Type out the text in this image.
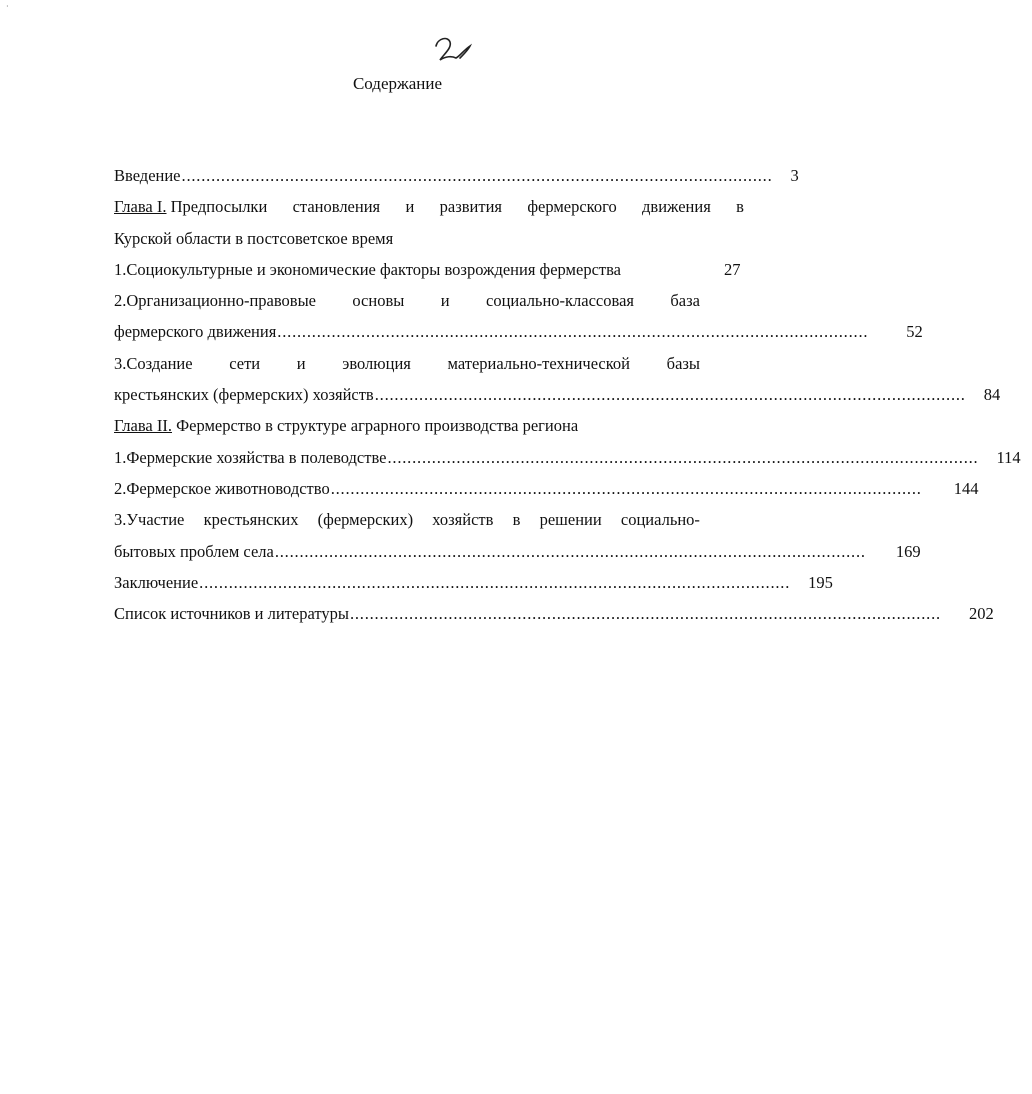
·
Содержание
Введение ........................................................................................................................ 3
Глава I. Предпосылки становления и развития фермерского движения в
Курской области в постсоветское время
1.Социокультурные и экономические факторы возрождения фермерства	27
2.Организационно-правовые основы и социально-классовая база
фермерского движения ........................................................................................................................ 52
3.Создание сети и эволюция материально-технической базы
крестьянских (фермерских) хозяйств ........................................................................................................................ 84
Глава II. Фермерство в структуре аграрного производства региона
1.Фермерские хозяйства в полеводстве ........................................................................................................................ 114
2.Фермерское животноводство ........................................................................................................................ 144
3.Участие крестьянских (фермерских) хозяйств в решении социально-
бытовых проблем села ........................................................................................................................ 169
Заключение ........................................................................................................................ 195
Список источников и литературы ........................................................................................................................ 202
